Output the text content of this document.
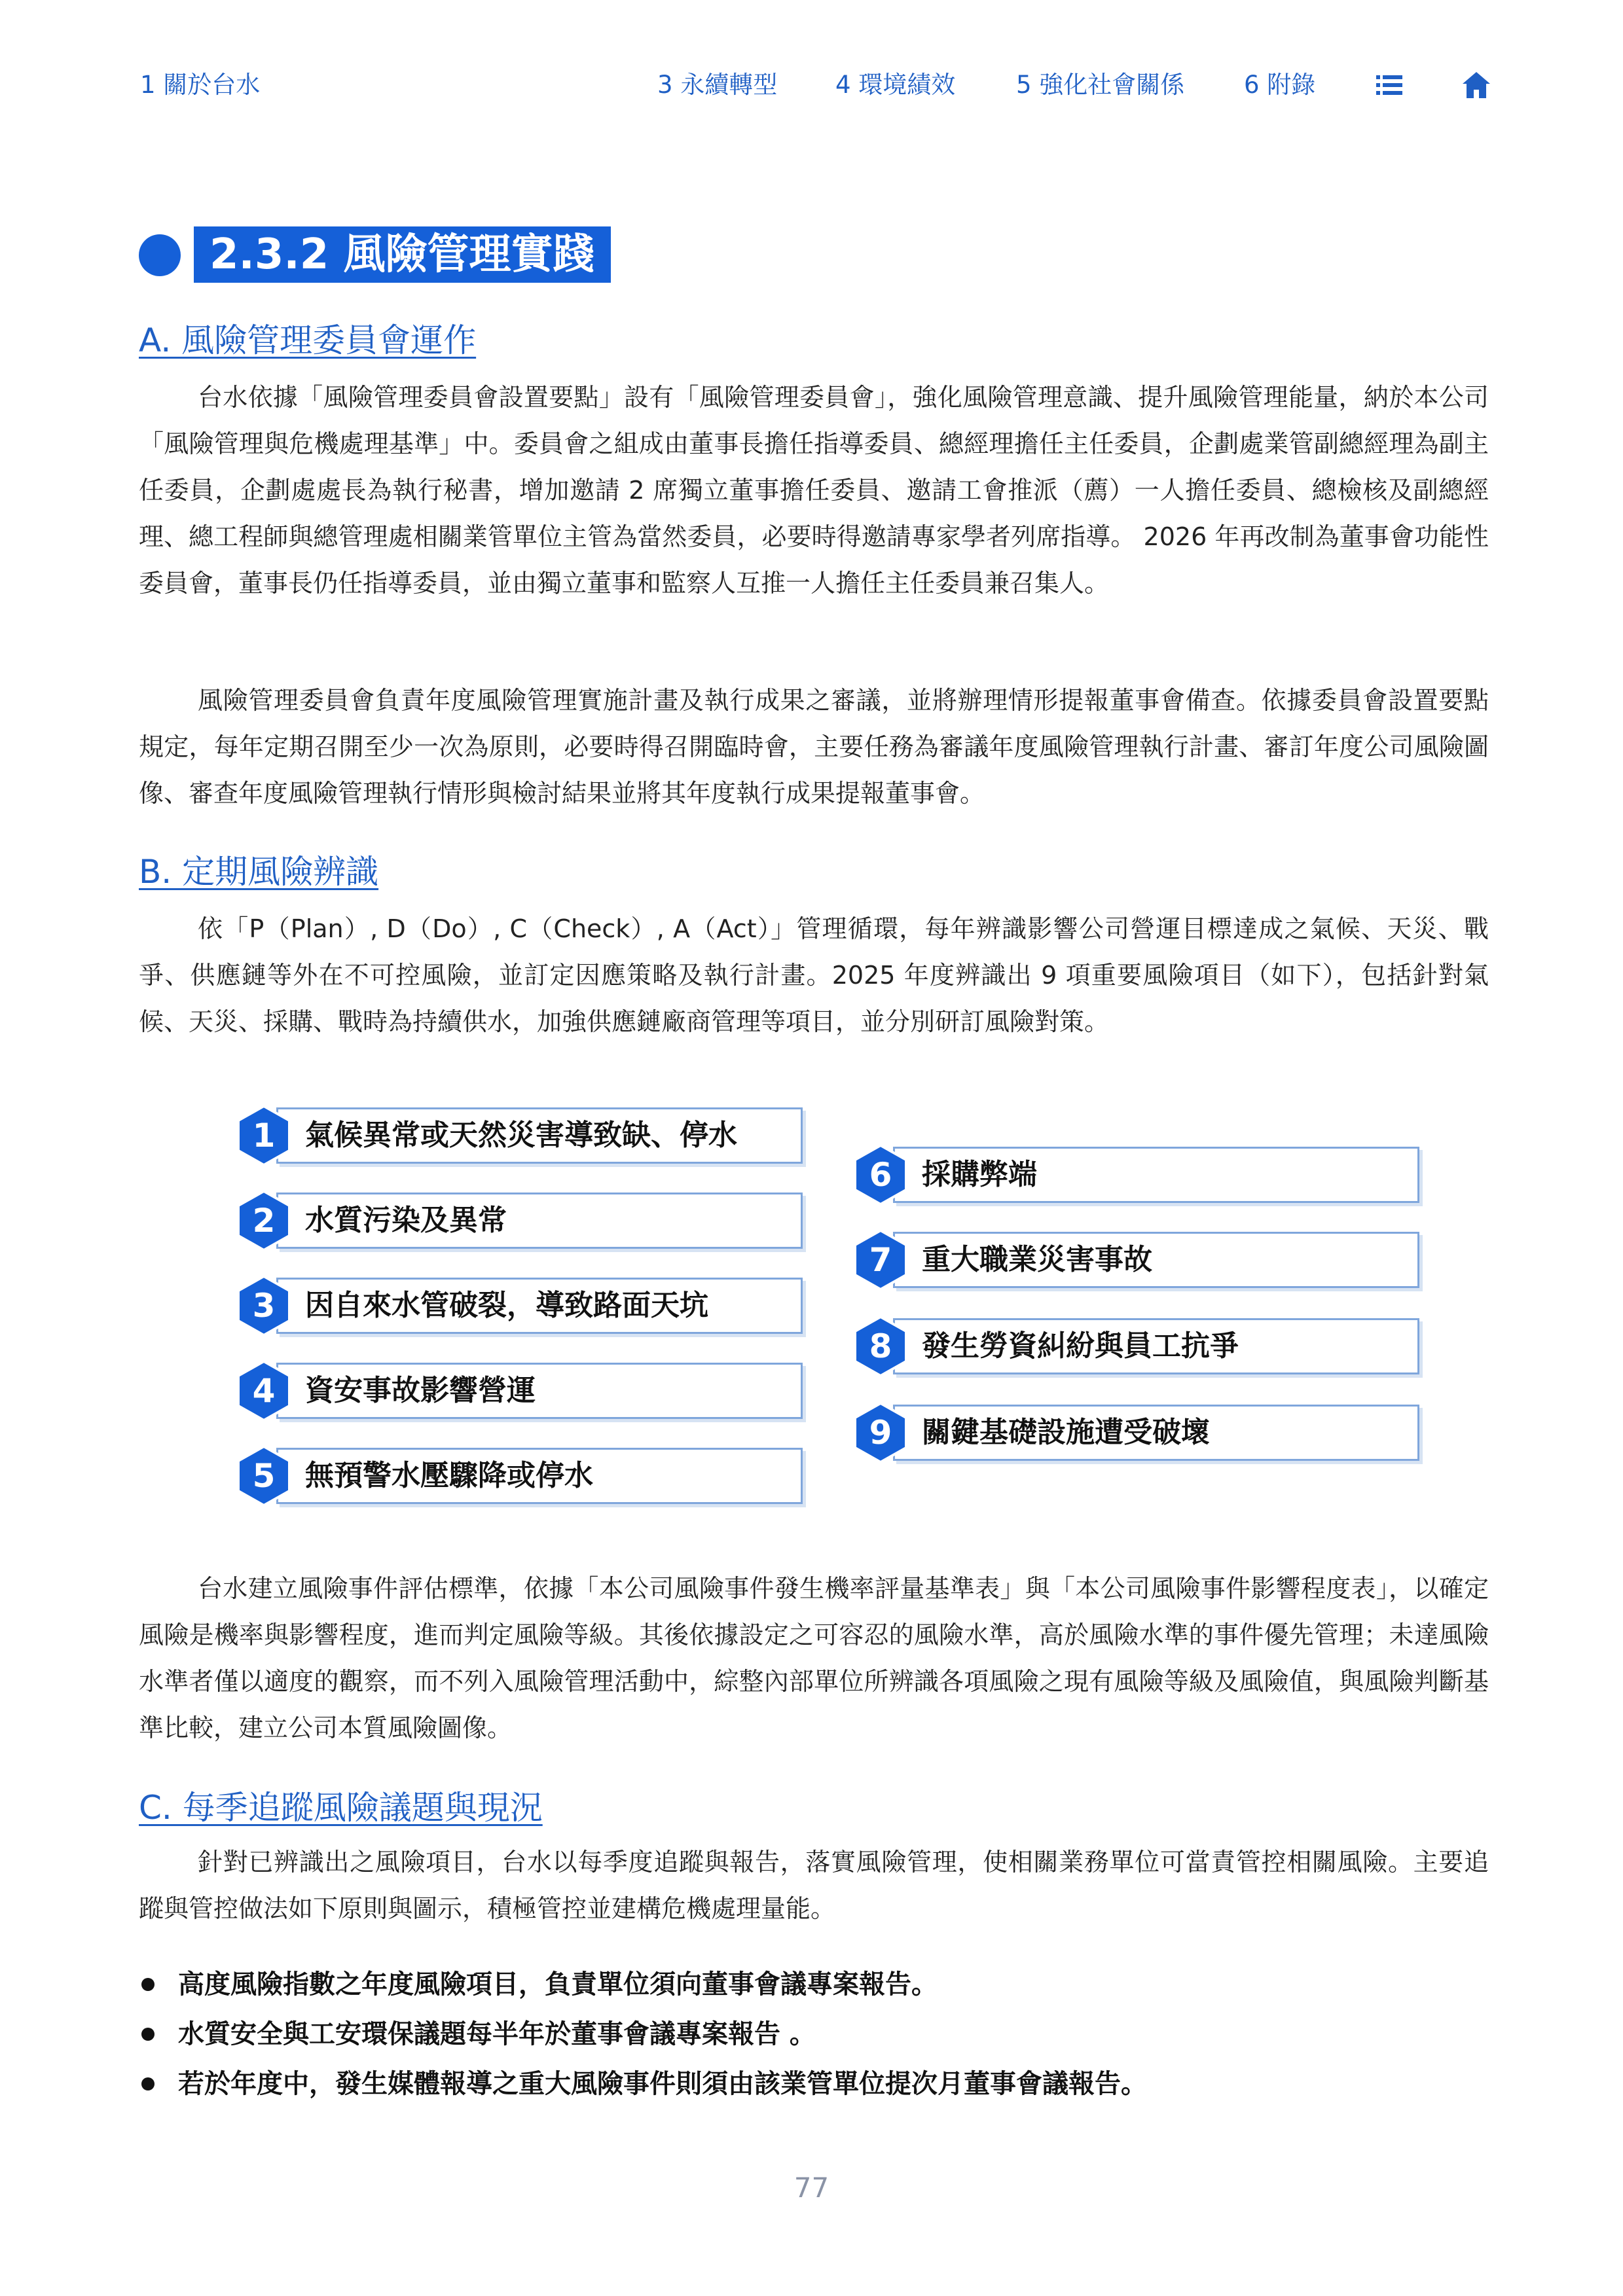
1 關於台水	3 永續轉型 4 環境績效	5 強化社會關係 6 附錄
2.3.2 風險管理實踐
A. 風險管理委員會運作
台水依據「風險管理委員會設置要點」設有「風險管理委員會」，強化風險管理意識、提升風險管理能量，納於本公司「風險管理與危機處理基準」中。委員會之組成由董事長擔任指導委員、總經理擔任主任委員，企劃處業管副總經理為副主任委員，企劃處處長為執行秘書，增加邀請 2 席獨立董事擔任委員、邀請工會推派（薦）一人擔任委員、總檢核及副總經理、總工程師與總管理處相關業管單位主管為當然委員，必要時得邀請專家學者列席指導。 2026 年再改制為董事會功能性委員會，董事長仍任指導委員，並由獨立董事和監察人互推一人擔任主任委員兼召集人。
風險管理委員會負責年度風險管理實施計畫及執行成果之審議，並將辦理情形提報董事會備查。依據委員會設置要點規定，每年定期召開至少一次為原則，必要時得召開臨時會，主要任務為審議年度風險管理執行計畫、審訂年度公司風險圖像、審查年度風險管理執行情形與檢討結果並將其年度執行成果提報董事會。
B. 定期風險辨識
依「P（Plan）, D（Do）, C（Check）, A（Act）」管理循環，每年辨識影響公司營運目標達成之氣候、天災、戰爭、供應鏈等外在不可控風險，並訂定因應策略及執行計畫。2025 年度辨識出 9 項重要風險項目（如下），包括針對氣候、天災、採購、戰時為持續供水，加強供應鏈廠商管理等項目，並分別研訂風險對策。
1	氣候異常或天然災害導致缺、停水
2	水質污染及異常
3	因自來水管破裂，導致路面天坑
4	資安事故影響營運
5	無預警水壓驟降或停水
6	採購弊端
7	重大職業災害事故
8	發生勞資糾紛與員工抗爭
9	關鍵基礎設施遭受破壞
台水建立風險事件評估標準，依據「本公司風險事件發生機率評量基準表」與「本公司風險事件影響程度表」，以確定風險是機率與影響程度，進而判定風險等級。其後依據設定之可容忍的風險水準，高於風險水準的事件優先管理；未達風險水準者僅以適度的觀察，而不列入風險管理活動中，綜整內部單位所辨識各項風險之現有風險等級及風險值，與風險判斷基準比較，建立公司本質風險圖像。
C. 每季追蹤風險議題與現況
針對已辨識出之風險項目，台水以每季度追蹤與報告，落實風險管理，使相關業務單位可當責管控相關風險。主要追蹤與管控做法如下原則與圖示，積極管控並建構危機處理量能。
高度風險指數之年度風險項目，負責單位須向董事會議專案報告。
水質安全與工安環保議題每半年於董事會議專案報告 。
若於年度中，發生媒體報導之重大風險事件則須由該業管單位提次月董事會議報告。
77
